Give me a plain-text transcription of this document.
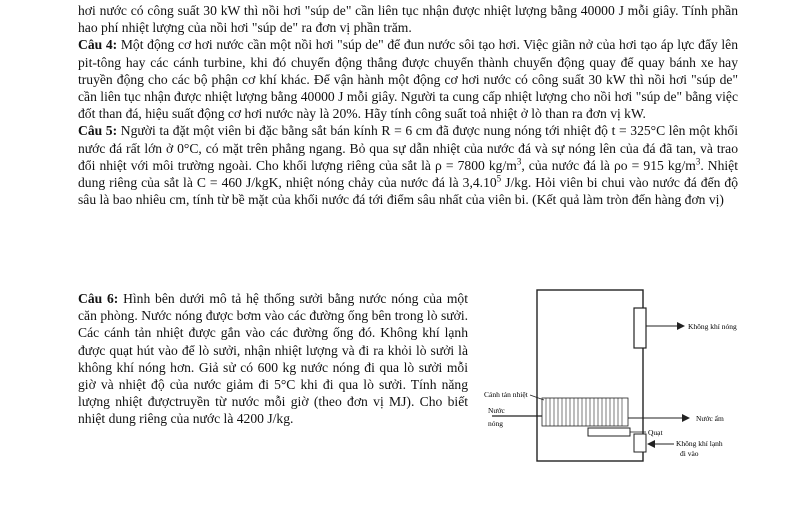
hơi nước có công suất 30 kW thì nồi hơi "súp de" cần liên tục nhận được nhiệt lượng bằng 40000 J mỗi giây. Tính phần hao phí nhiệt lượng của nồi hơi "súp de" ra đơn vị phần trăm.

Câu 4: Một động cơ hơi nước cần một nồi hơi "súp de" để đun nước sôi tạo hơi. Việc giãn nở của hơi tạo áp lực đẩy lên pit-tông hay các cánh turbine, khi đó chuyển động thẳng được chuyển thành chuyển động quay để quay bánh xe hay truyền động cho các bộ phận cơ khí khác. Để vận hành một động cơ hơi nước có công suất 30 kW thì nồi hơi "súp de" cần liên tục nhận được nhiệt lượng bằng 40000 J mỗi giây. Người ta cung cấp nhiệt lượng cho nồi hơi "súp de" bằng việc đốt than đá, hiệu suất động cơ hơi nước này là 20%. Hãy tính công suất toả nhiệt ở lò than ra đơn vị kW.

Câu 5: Người ta đặt một viên bi đặc bằng sắt bán kính R = 6 cm đã được nung nóng tới nhiệt độ t = 325°C lên một khối nước đá rất lớn ở 0°C, có mặt trên phẳng ngang. Bỏ qua sự dẫn nhiệt của nước đá và sự nóng lên của đá đã tan, và trao đổi nhiệt với môi trường ngoài. Cho khối lượng riêng của sắt là ρ = 7800 $kg/m^3$, của nước đá là ρo = 915 $kg/m^3$. Nhiệt dung riêng của sắt là C = 460 J/kgK, nhiệt nóng chảy của nước đá là 3,4.10$^5$ J/kg. Hỏi viên bi chui vào nước đá đến độ sâu là bao nhiêu cm, tính từ bề mặt của khối nước đá tới điểm sâu nhất của viên bi. (Kết quả làm tròn đến hàng đơn vị)

Câu 6: Hình bên dưới mô tả hệ thống sưởi bằng nước nóng của một căn phòng. Nước nóng được bơm vào các đường ống bên trong lò sưởi. Các cánh tản nhiệt được gắn vào các đường ống đó. Không khí lạnh được quạt hút vào để lò sưởi, nhận nhiệt lượng và đi ra khỏi lò sưởi là không khí nóng hơn. Giả sử có 600 kg nước nóng đi qua lò sưởi mỗi giờ và nhiệt độ của nước giảm đi 5°C khi đi qua lò sưởi. Tính năng lượng nhiệt đượctruyền từ nước mỗi giờ (theo đơn vị MJ). Cho biết nhiệt dung riêng của nước là 4200 J/kg.

Không khí nóng
Quạt
Không khí lạnh
đi vào
Cánh tản nhiệt
Nước
nóng
Nước ấm
